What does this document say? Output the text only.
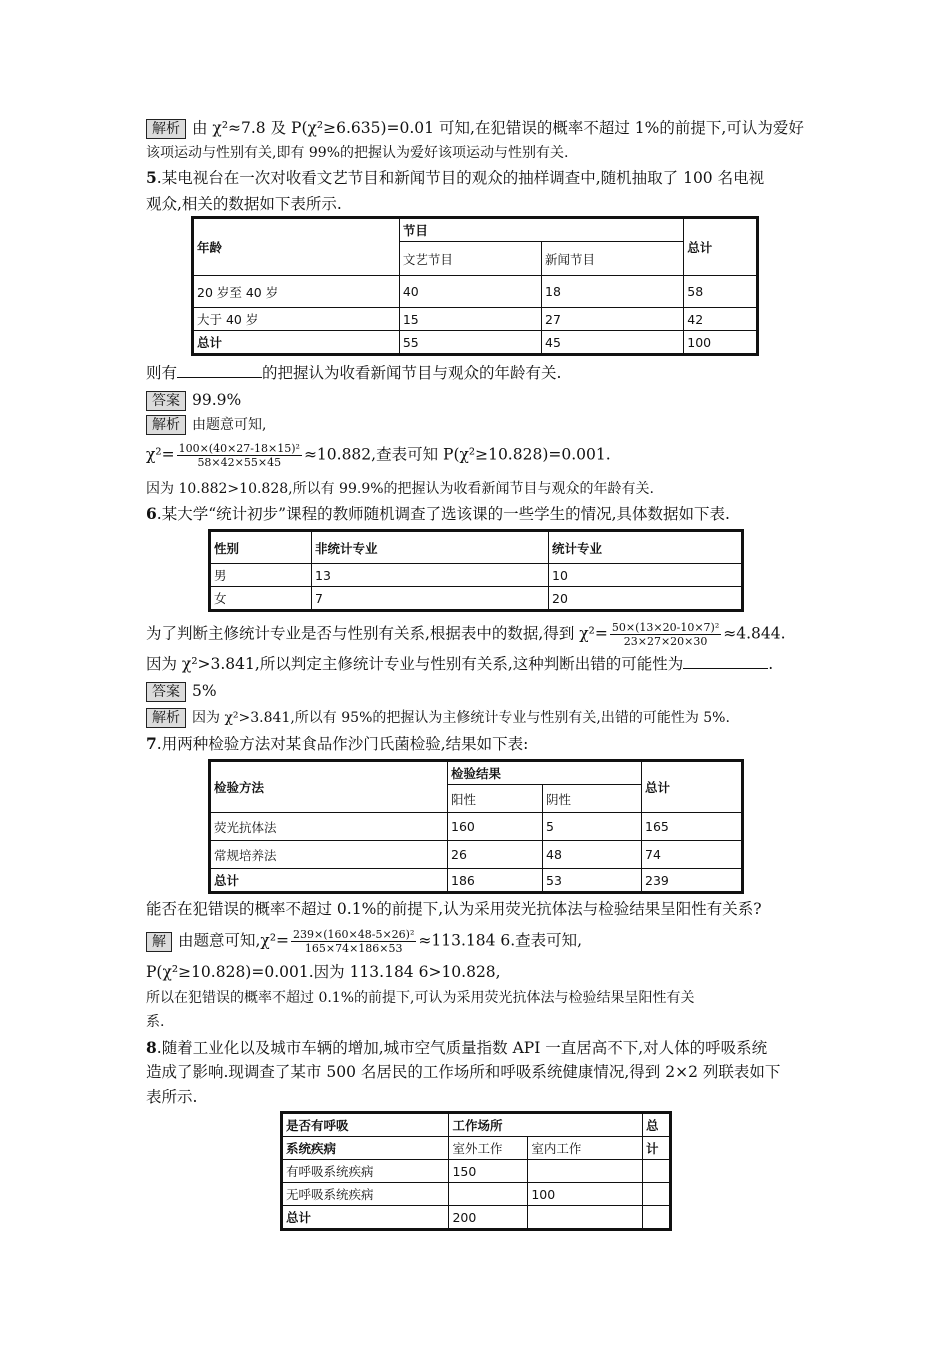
解析 由 χ²≈7.8 及 P(χ²≥6.635)=0.01 可知,在犯错误的概率不超过 1%的前提下,可认为爱好
该项运动与性别有关,即有 99%的把握认为爱好该项运动与性别有关.
5.某电视台在一次对收看文艺节目和新闻节目的观众的抽样调查中,随机抽取了 100 名电视
观众,相关的数据如下表所示.
年龄	节目		总计
	文艺节目	新闻节目	
20 岁至 40 岁	40	18	58
大于 40 岁	15	27	42
总计	55	45	100
则有	的把握认为收看新闻节目与观众的年龄有关.
答案 99.9%
解析 由题意可知,
$\chi^2= \frac{\text{100×(40×27-18×15)²}}{58\times 42\times 55\times 45} \approx 10.882$,查表可知 P(χ²≥10.828)=0.001.
因为 10.882>10.828,所以有 99.9%的把握认为收看新闻节目与观众的年龄有关.
6.某大学“统计初步”课程的教师随机调查了选该课的一些学生的情况,具体数据如下表.
性别	非统计专业	统计专业
男	13	10
女	7	20
为了判断主修统计专业是否与性别有关系,根据表中的数据,得到 $\chi^2= \frac{\text{50×(13×20-10×7)²}}{23\times 27\times 20\times 30} \approx 4.844$.
因为 χ²>3.841,所以判定主修统计专业与性别有关系,这种判断出错的可能性为	.
答案 5%
解析 因为 χ²>3.841,所以有 95%的把握认为主修统计专业与性别有关,出错的可能性为 5%.
7.用两种检验方法对某食品作沙门氏菌检验,结果如下表:
检验方法	检验结果		总计
	阳性	阴性	
荧光抗体法	160	5	165
常规培养法	26	48	74
总计	186	53	239
能否在犯错误的概率不超过 0.1%的前提下,认为采用荧光抗体法与检验结果呈阳性有关系?
解 由题意可知$,\chi^2= \frac{\text{239×(160×48-5×26)²}}{165\times 74\times 186\times 53} \approx 113.184$ 6.查表可知,
P(χ²≥10.828)=0.001.因为 113.184 6>10.828,
所以在犯错误的概率不超过 0.1%的前提下,可认为采用荧光抗体法与检验结果呈阳性有关
系.
8.随着工业化以及城市车辆的增加,城市空气质量指数 API 一直居高不下,对人体的呼吸系统
造成了影响.现调查了某市 500 名居民的工作场所和呼吸系统健康情况,得到 2×2 列联表如下
表所示.
是否有呼吸	工作场所		总
系统疾病	室外工作	室内工作	计
有呼吸系统疾病	150		
无呼吸系统疾病		100	
总计	200		
